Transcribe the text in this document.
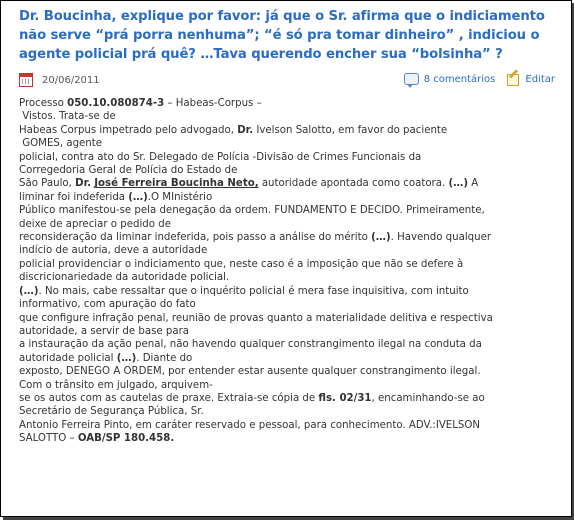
Dr. Boucinha, explique por favor: já que o Sr. afirma que o indiciamento não serve “prá porra nenhuma”; “é só pra tomar dinheiro” , indiciou o agente policial prá quê? …Tava querendo encher sua “bolsinha” ?
20/06/2011	8 comentários	Editar

Processo 050.10.080874-3 – Habeas-Corpus –

Vistos. Trata-se de

Habeas Corpus impetrado pelo advogado, Dr. Ivelson Salotto, em favor do paciente

GOMES, agente

policial, contra ato do Sr. Delegado de Polícia -Divisão de Crimes Funcionais da

Corregedoria Geral de Polícia do Estado de

São Paulo, Dr. José Ferreira Boucinha Neto, autoridade apontada como coatora. (…) A

liminar foi indeferida (…).O MInistério

Público manifestou-se pela denegação da ordem. FUNDAMENTO E DECIDO. Primeiramente,

deixe de apreciar o pedido de

reconsideração da liminar indeferida, pois passo a análise do mérito (…). Havendo qualquer

indício de autoria, deve a autoridade

policial providenciar o indiciamento que, neste caso é a imposição que não se defere à

discricionariedade da autoridade policial.

(…). No mais, cabe ressaltar que o inquérito policial é mera fase inquisitiva, com intuito

informativo, com apuração do fato

que configure infração penal, reunião de provas quanto a materialidade delitiva e respectiva

autoridade, a servir de base para

a instauração da ação penal, não havendo qualquer constrangimento ilegal na conduta da

autoridade policial (…). Diante do

exposto, DENEGO A ORDEM, por entender estar ausente qualquer constrangimento ilegal.

Com o trânsito em julgado, arquivem-

se os autos com as cautelas de praxe. Extraia-se cópia de fls. 02/31, encaminhando-se ao

Secretário de Segurança Pública, Sr.

Antonio Ferreira Pinto, em caráter reservado e pessoal, para conhecimento. ADV.:IVELSON

SALOTTO – OAB/SP 180.458.
